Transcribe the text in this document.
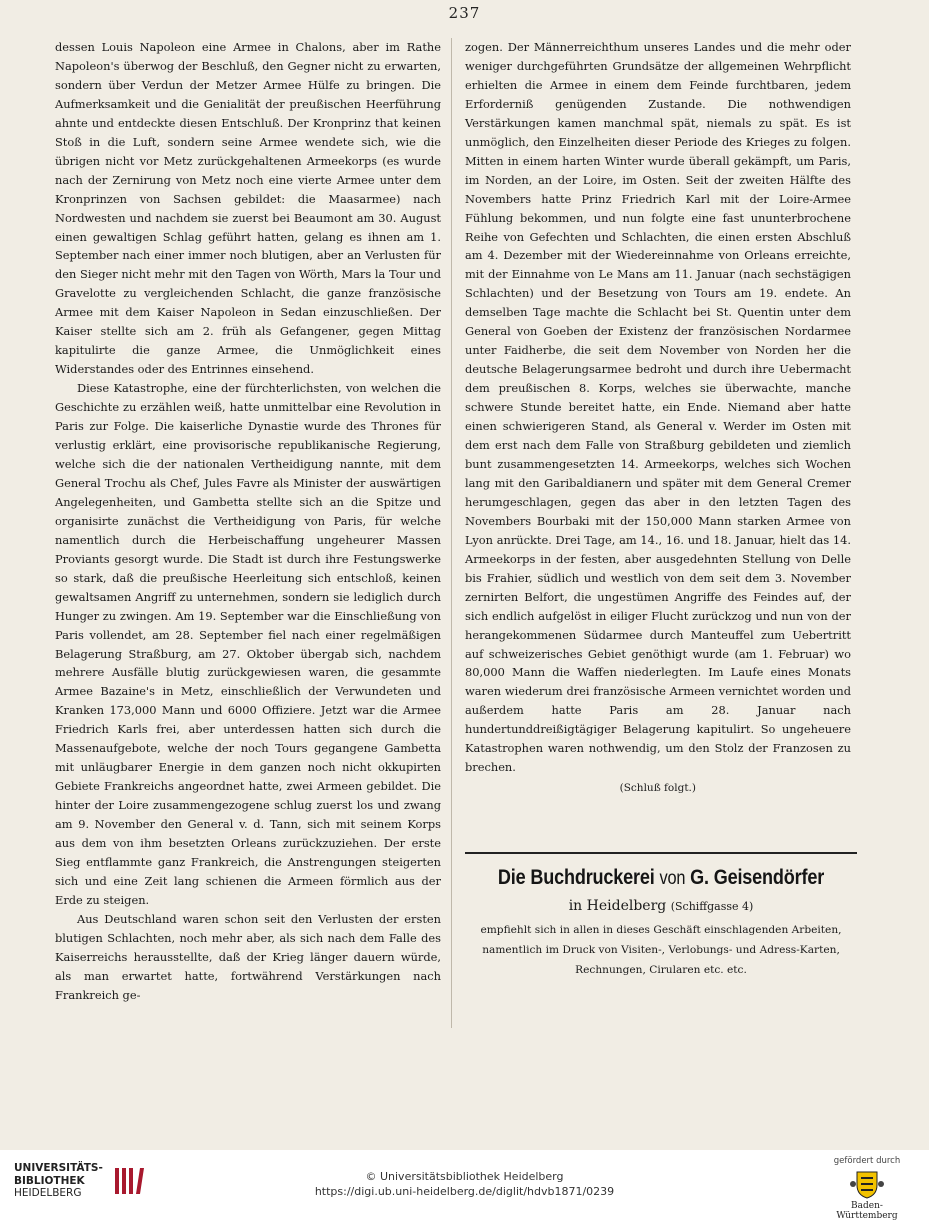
237

dessen Louis Napoleon eine Armee in Chalons, aber im Rathe Napoleon's überwog der Beschluß, den Gegner nicht zu erwarten, sondern über Verdun der Metzer Armee Hülfe zu bringen. Die Aufmerksamkeit und die Genialität der preußischen Heerführung ahnte und entdeckte diesen Entschluß. Der Kronprinz that keinen Stoß in die Luft, sondern seine Armee wendete sich, wie die übrigen nicht vor Metz zurückgehaltenen Armeekorps (es wurde nach der Zernirung von Metz noch eine vierte Armee unter dem Kronprinzen von Sachsen gebildet: die Maasarmee) nach Nordwesten und nachdem sie zuerst bei Beaumont am 30. August einen gewaltigen Schlag geführt hatten, gelang es ihnen am 1. September nach einer immer noch blutigen, aber an Verlusten für den Sieger nicht mehr mit den Tagen von Wörth, Mars la Tour und Gravelotte zu vergleichenden Schlacht, die ganze französische Armee mit dem Kaiser Napoleon in Sedan einzuschließen. Der Kaiser stellte sich am 2. früh als Gefangener, gegen Mittag kapitulirte die ganze Armee, die Unmöglichkeit eines Widerstandes oder des Entrinnes einsehend.

Diese Katastrophe, eine der fürchterlichsten, von welchen die Geschichte zu erzählen weiß, hatte unmittelbar eine Revolution in Paris zur Folge. Die kaiserliche Dynastie wurde des Thrones für verlustig erklärt, eine provisorische republikanische Regierung, welche sich die der nationalen Vertheidigung nannte, mit dem General Trochu als Chef, Jules Favre als Minister der auswärtigen Angelegenheiten, und Gambetta stellte sich an die Spitze und organisirte zunächst die Vertheidigung von Paris, für welche namentlich durch die Herbeischaffung ungeheurer Massen Proviants gesorgt wurde. Die Stadt ist durch ihre Festungswerke so stark, daß die preußische Heerleitung sich entschloß, keinen gewaltsamen Angriff zu unternehmen, sondern sie lediglich durch Hunger zu zwingen. Am 19. September war die Einschließung von Paris vollendet, am 28. September fiel nach einer regelmäßigen Belagerung Straßburg, am 27. Oktober übergab sich, nachdem mehrere Ausfälle blutig zurückgewiesen waren, die gesammte Armee Bazaine's in Metz, einschließlich der Verwundeten und Kranken 173,000 Mann und 6000 Offiziere. Jetzt war die Armee Friedrich Karls frei, aber unterdessen hatten sich durch die Massenaufgebote, welche der noch Tours gegangene Gambetta mit unläugbarer Energie in dem ganzen noch nicht okkupirten Gebiete Frankreichs angeordnet hatte, zwei Armeen gebildet. Die hinter der Loire zusammengezogene schlug zuerst los und zwang am 9. November den General v. d. Tann, sich mit seinem Korps aus dem von ihm besetzten Orleans zurückzuziehen. Der erste Sieg entflammte ganz Frankreich, die Anstrengungen steigerten sich und eine Zeit lang schienen die Armeen förmlich aus der Erde zu steigen.

Aus Deutschland waren schon seit den Verlusten der ersten blutigen Schlachten, noch mehr aber, als sich nach dem Falle des Kaiserreichs herausstellte, daß der Krieg länger dauern würde, als man erwartet hatte, fortwährend Verstärkungen nach Frankreich ge-

zogen. Der Männerreichthum unseres Landes und die mehr oder weniger durchgeführten Grundsätze der allgemeinen Wehrpflicht erhielten die Armee in einem dem Feinde furchtbaren, jedem Erforderniß genügenden Zustande. Die nothwendigen Verstärkungen kamen manchmal spät, niemals zu spät. Es ist unmöglich, den Einzelheiten dieser Periode des Krieges zu folgen. Mitten in einem harten Winter wurde überall gekämpft, um Paris, im Norden, an der Loire, im Osten. Seit der zweiten Hälfte des Novembers hatte Prinz Friedrich Karl mit der Loire-Armee Fühlung bekommen, und nun folgte eine fast ununterbrochene Reihe von Gefechten und Schlachten, die einen ersten Abschluß am 4. Dezember mit der Wiedereinnahme von Orleans erreichte, mit der Einnahme von Le Mans am 11. Januar (nach sechstägigen Schlachten) und der Besetzung von Tours am 19. endete. An demselben Tage machte die Schlacht bei St. Quentin unter dem General von Goeben der Existenz der französischen Nordarmee unter Faidherbe, die seit dem November von Norden her die deutsche Belagerungsarmee bedroht und durch ihre Uebermacht dem preußischen 8. Korps, welches sie überwachte, manche schwere Stunde bereitet hatte, ein Ende. Niemand aber hatte einen schwierigeren Stand, als General v. Werder im Osten mit dem erst nach dem Falle von Straßburg gebildeten und ziemlich bunt zusammengesetzten 14. Armeekorps, welches sich Wochen lang mit den Garibaldianern und später mit dem General Cremer herumgeschlagen, gegen das aber in den letzten Tagen des Novembers Bourbaki mit der 150,000 Mann starken Armee von Lyon anrückte. Drei Tage, am 14., 16. und 18. Januar, hielt das 14. Armeekorps in der festen, aber ausgedehnten Stellung von Delle bis Frahier, südlich und westlich von dem seit dem 3. November zernirten Belfort, die ungestümen Angriffe des Feindes auf, der sich endlich aufgelöst in eiliger Flucht zurückzog und nun von der herangekommenen Südarmee durch Manteuffel zum Uebertritt auf schweizerisches Gebiet genöthigt wurde (am 1. Februar) wo 80,000 Mann die Waffen niederlegten. Im Laufe eines Monats waren wiederum drei französische Armeen vernichtet worden und außerdem hatte Paris am 28. Januar nach hundertunddreißigtägiger Belagerung kapitulirt. So ungeheuere Katastrophen waren nothwendig, um den Stolz der Franzosen zu brechen.

(Schluß folgt.)
Die Buchdruckerei von G. Geisendörfer
in Heidelberg (Schiffgasse 4)
empfiehlt sich in allen in dieses Geschäft einschlagenden Arbeiten, namentlich im Druck von Visiten-, Verlobungs- und Adress-Karten, Rechnungen, Cirularen etc. etc.
UNIVERSITÄTS-
BIBLIOTHEK
HEIDELBERG
© Universitätsbibliothek Heidelberg
https://digi.ub.uni-heidelberg.de/diglit/hdvb1871/0239
gefördert durch
Baden-Württemberg
